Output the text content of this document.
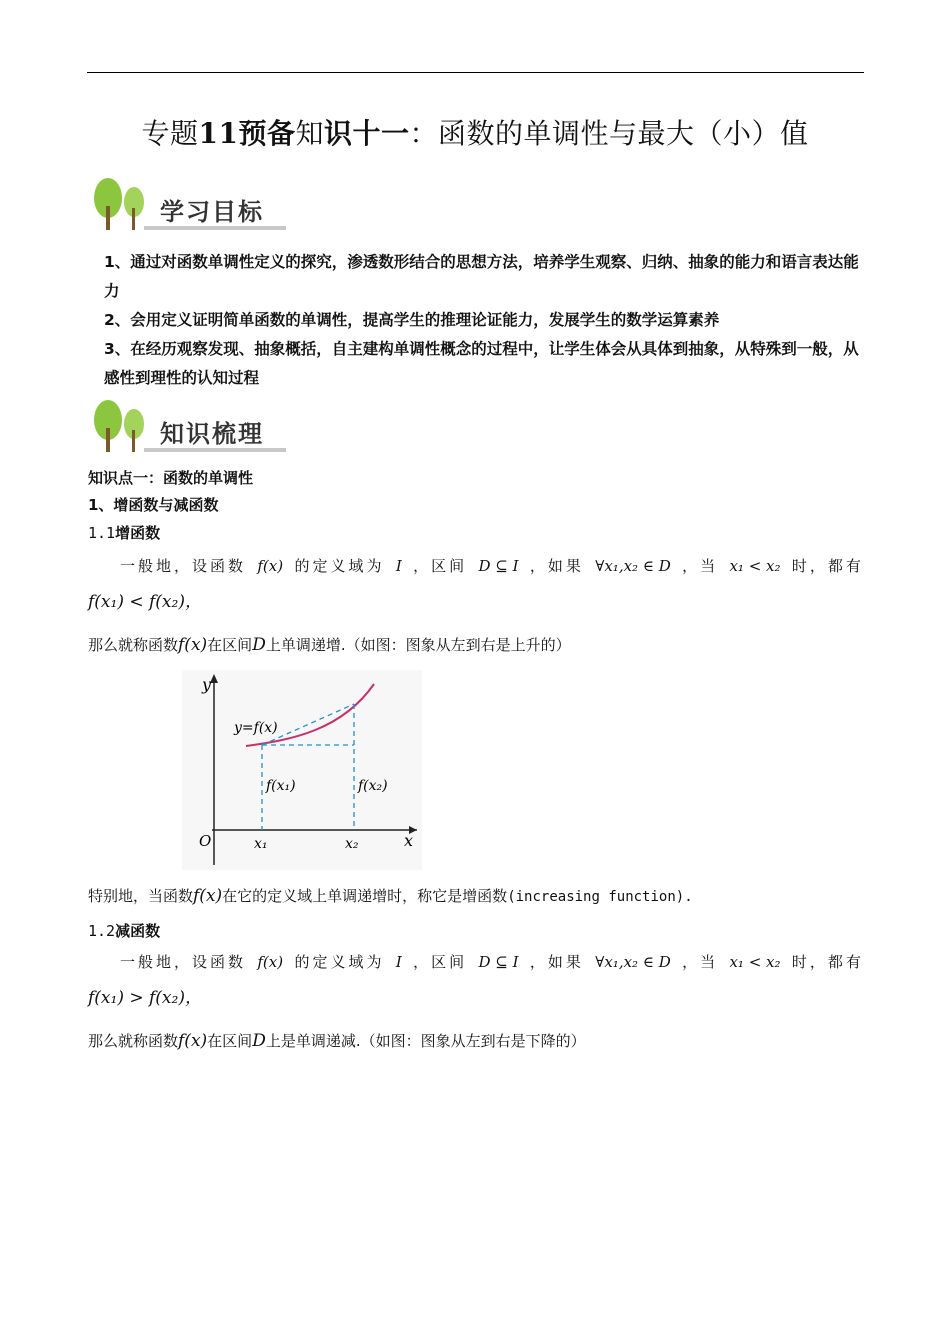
专题11预备知识十一：函数的单调性与最大（小）值
学习目标
1、通过对函数单调性定义的探究，渗透数形结合的思想方法，培养学生观察、归纳、抽象的能力和语言表达能力
2、会用定义证明简单函数的单调性，提高学生的推理论证能力，发展学生的数学运算素养
3、在经历观察发现、抽象概括，自主建构单调性概念的过程中，让学生体会从具体到抽象，从特殊到一般，从感性到理性的认知过程
知识梳理
知识点一：函数的单调性
1、增函数与减函数
1.1增函数
一般地，设函数 f(x) 的定义域为 I ，区间 D ⊆ I ，如果 ∀x₁,x₂ ∈ D ，当 x₁ < x₂ 时，都有
f(x₁) < f(x₂)，
那么就称函数f(x)在区间D上单调递增.（如图：图象从左到右是上升的）
y
x
O
y=f(x)
f(x₁)	f(x₂)
x₁	x₂
特别地，当函数f(x)在它的定义域上单调递增时，称它是增函数(increasing function).
1.2减函数
一般地，设函数 f(x) 的定义域为 I ，区间 D ⊆ I ，如果 ∀x₁,x₂ ∈ D ，当 x₁ < x₂ 时，都有
f(x₁) > f(x₂)，
那么就称函数f(x)在区间D上是单调递减.（如图：图象从左到右是下降的）
